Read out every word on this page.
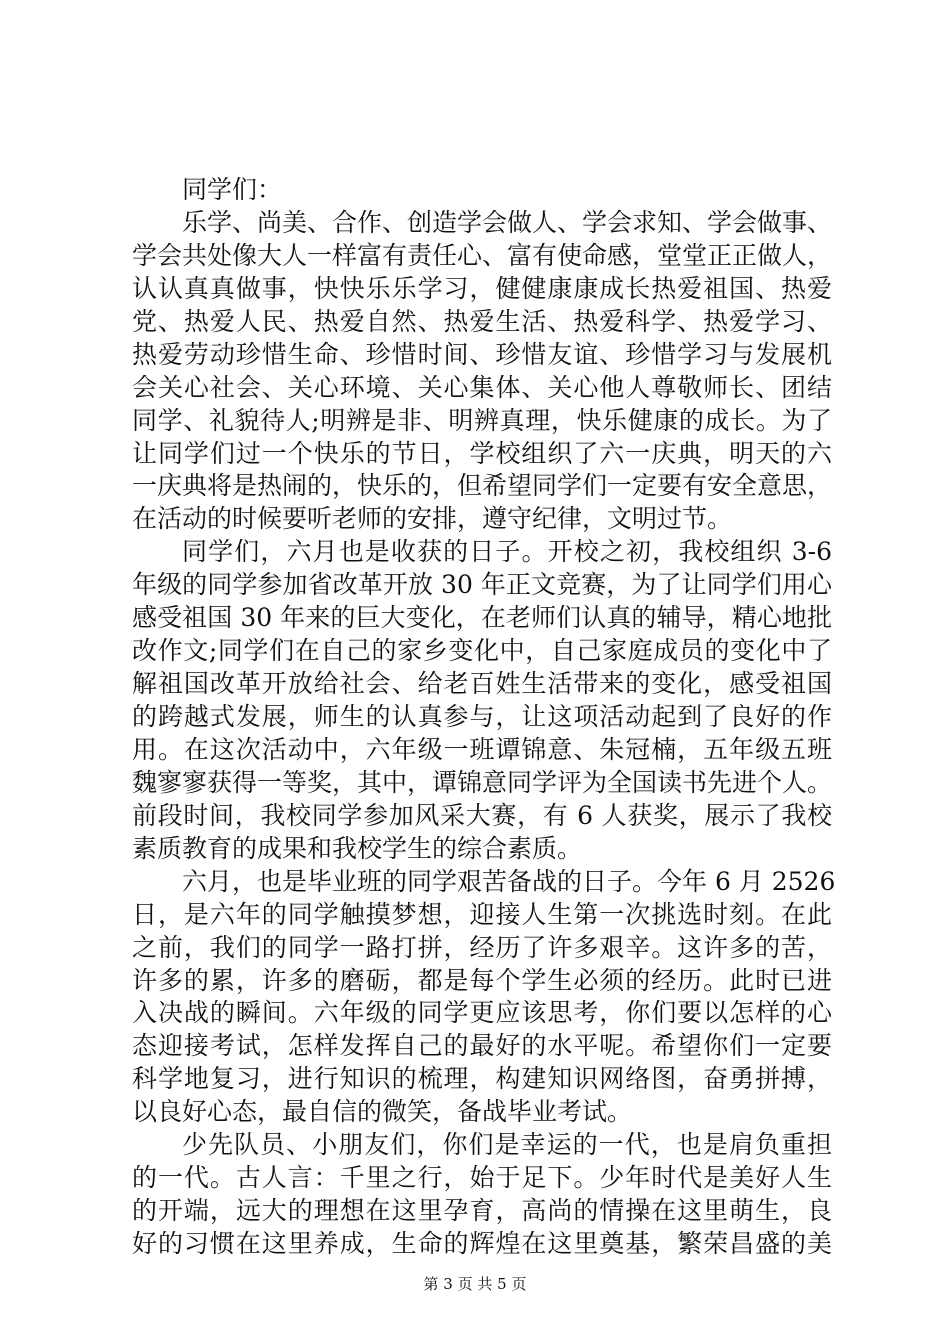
同学们：
乐学、尚美、合作、创造学会做人、学会求知、学会做事、
学会共处像大人一样富有责任心、富有使命感，堂堂正正做人，
认认真真做事，快快乐乐学习，健健康康成长热爱祖国、热爱
党、热爱人民、热爱自然、热爱生活、热爱科学、热爱学习、
热爱劳动珍惜生命、珍惜时间、珍惜友谊、珍惜学习与发展机
会关心社会、关心环境、关心集体、关心他人尊敬师长、团结
同学、礼貌待人;明辨是非、明辨真理，快乐健康的成长。为了
让同学们过一个快乐的节日，学校组织了六一庆典，明天的六
一庆典将是热闹的，快乐的，但希望同学们一定要有安全意思，
在活动的时候要听老师的安排，遵守纪律，文明过节。
同学们，六月也是收获的日子。开校之初，我校组织 3-6
年级的同学参加省改革开放 30 年正文竞赛，为了让同学们用心
感受祖国 30 年来的巨大变化，在老师们认真的辅导，精心地批
改作文;同学们在自己的家乡变化中，自己家庭成员的变化中了
解祖国改革开放给社会、给老百姓生活带来的变化，感受祖国
的跨越式发展，师生的认真参与，让这项活动起到了良好的作
用。在这次活动中，六年级一班谭锦意、朱冠楠，五年级五班
魏寥寥获得一等奖，其中，谭锦意同学评为全国读书先进个人。
前段时间，我校同学参加风采大赛，有 6 人获奖，展示了我校
素质教育的成果和我校学生的综合素质。
六月，也是毕业班的同学艰苦备战的日子。今年 6 月 2526
日，是六年的同学触摸梦想，迎接人生第一次挑选时刻。在此
之前，我们的同学一路打拼，经历了许多艰辛。这许多的苦，
许多的累，许多的磨砺，都是每个学生必须的经历。此时已进
入决战的瞬间。六年级的同学更应该思考，你们要以怎样的心
态迎接考试，怎样发挥自己的最好的水平呢。希望你们一定要
科学地复习，进行知识的梳理，构建知识网络图，奋勇拼搏，
以良好心态，最自信的微笑，备战毕业考试。
少先队员、小朋友们，你们是幸运的一代，也是肩负重担
的一代。古人言：千里之行，始于足下。少年时代是美好人生
的开端，远大的理想在这里孕育，高尚的情操在这里萌生，良
好的习惯在这里养成，生命的辉煌在这里奠基，繁荣昌盛的美
第 3 页 共 5 页
